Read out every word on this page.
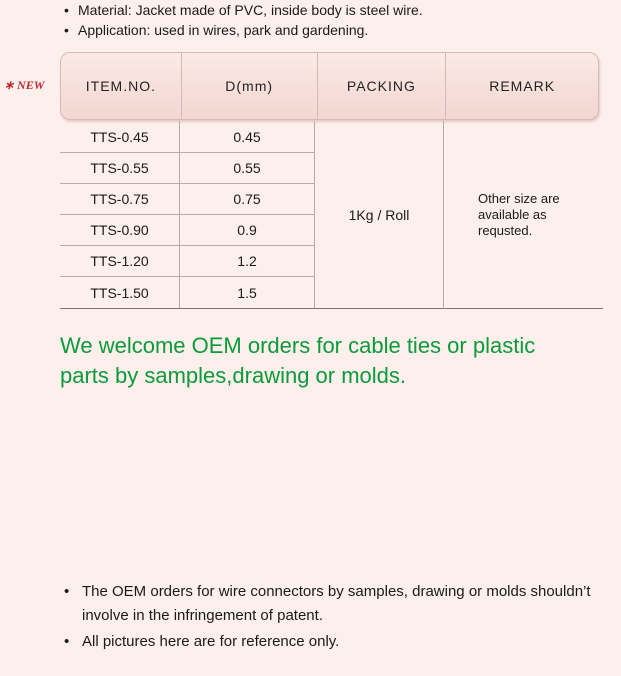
• Material: Jacket made of PVC, inside body is steel wire.
• Application: used in wires, park and gardening.
∗ NEW	ITEM.NO.	D(mm)	PACKING	REMARK
TTS-0.45	0.45
TTS-0.55	0.55
TTS-0.75	0.75
TTS-0.90	0.9
TTS-1.20	1.2
TTS-1.50	1.5
1Kg / Roll
Other size are available as requsted.
We welcome OEM orders for cable ties or plastic parts by samples,drawing or molds.
• The OEM orders for wire connectors by samples, drawing or molds shouldn’t involve in the infringement of patent.
• All pictures here are for reference only.
